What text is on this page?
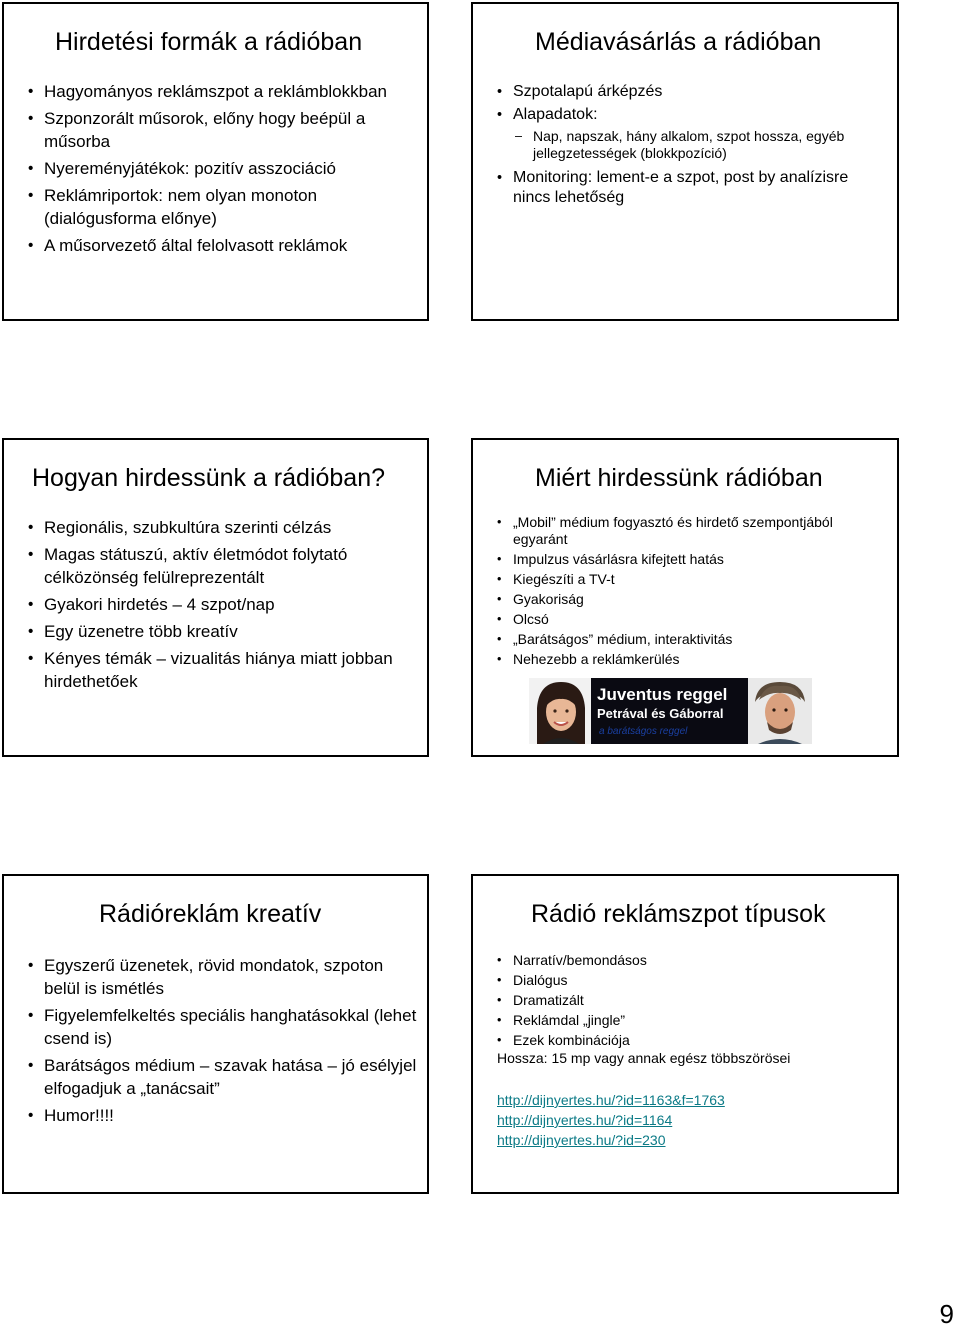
Hirdetési formák a rádióban
• Hagyományos reklámszpot a reklámblokkban
• Szponzorált műsorok, előny hogy beépül a műsorba
• Nyereményjátékok: pozitív asszociáció
• Reklámriportok: nem olyan monoton (dialógusforma előnye)
• A műsorvezető által felolvasott reklámok
Médiavásárlás a rádióban
• Szpotalapú árképzés
• Alapadatok:
– Nap, napszak, hány alkalom, szpot hossza, egyéb jellegzetességek (blokkpozíció)
• Monitoring: lement-e a szpot, post by analízisre nincs lehetőség
Hogyan hirdessünk a rádióban?
• Regionális, szubkultúra szerinti célzás
• Magas státuszú, aktív életmódot folytató célközönség felülreprezentált
• Gyakori hirdetés – 4 szpot/nap
• Egy üzenetre több kreatív
• Kényes témák – vizualitás hiánya miatt jobban hirdethetőek
Miért hirdessünk rádióban
• „Mobil” médium fogyasztó és hirdető szempontjából egyaránt
• Impulzus vásárlásra kifejtett hatás
• Kiegészíti a TV-t
• Gyakoriság
• Olcsó
• „Barátságos” médium, interaktivitás
• Nehezebb a reklámkerülés
Juventus reggel
Petrával és Gáborral
a barátságos reggel
Rádióreklám kreatív
• Egyszerű üzenetek, rövid mondatok, szpoton belül is ismétlés
• Figyelemfelkeltés speciális hanghatásokkal (lehet csend is)
• Barátságos médium – szavak hatása – jó esélyjel elfogadjuk a „tanácsait”
• Humor!!!!
Rádió reklámszpot típusok
• Narratív/bemondásos
• Dialógus
• Dramatizált
• Reklámdal „jingle”
• Ezek kombinációja
Hossza: 15 mp vagy annak egész többszörösei
http://dijnyertes.hu/?id=1163&f=1763
http://dijnyertes.hu/?id=1164
http://dijnyertes.hu/?id=230
9
